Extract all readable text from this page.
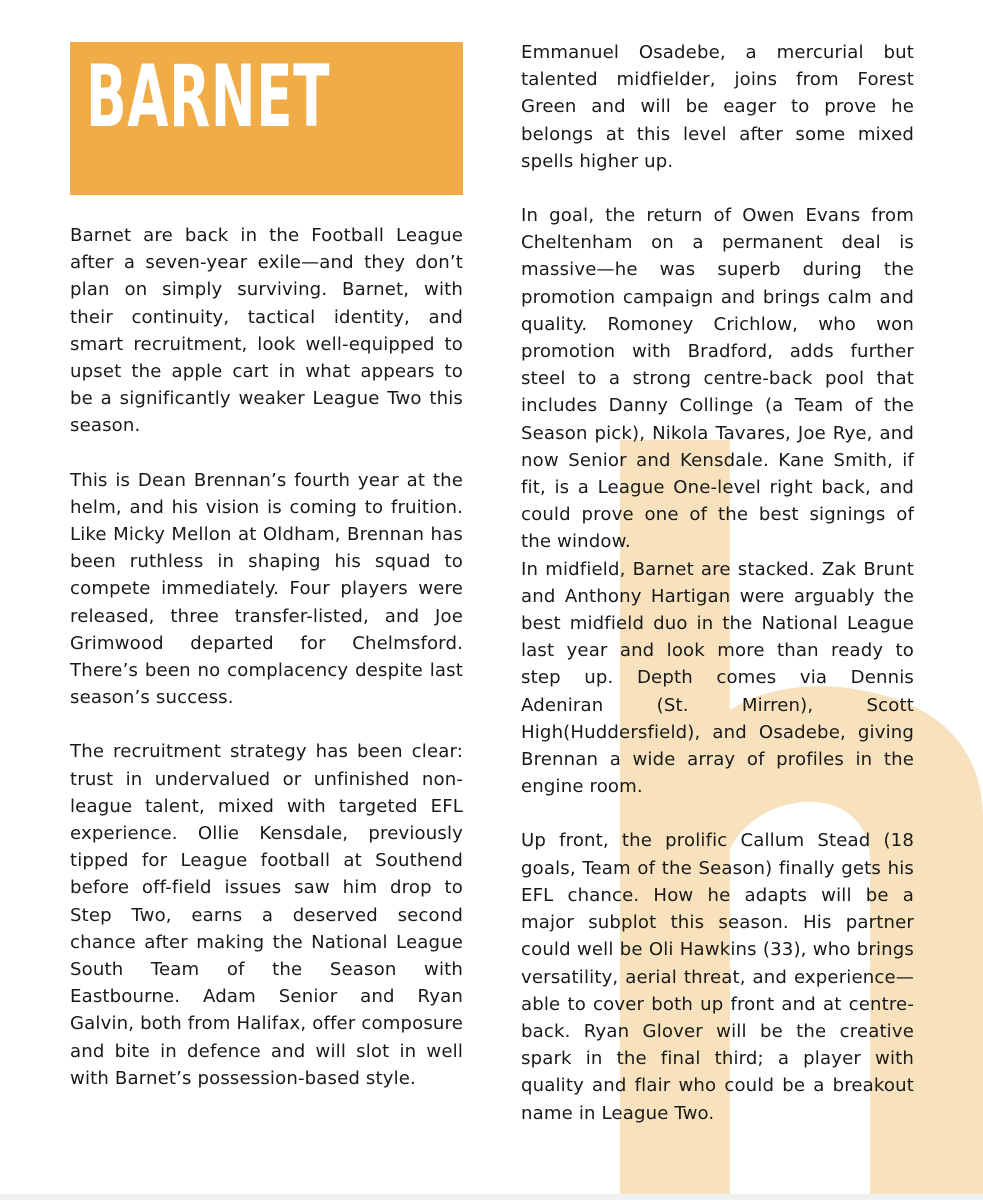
BARNET

Barnet are back in the Football League after a seven-year exile—and they don’t plan on simply surviving. Barnet, with their continuity, tactical identity, and smart recruitment, look well-equipped to upset the apple cart in what appears to be a significantly weaker League Two this season.

This is Dean Brennan’s fourth year at the helm, and his vision is coming to fruition. Like Micky Mellon at Oldham, Brennan has been ruthless in shaping his squad to compete immediately. Four players were released, three transfer-listed, and Joe Grimwood departed for Chelmsford. There’s been no complacency despite last season’s success.

The recruitment strategy has been clear: trust in undervalued or unfinished non-league talent, mixed with targeted EFL experience. Ollie Kensdale, previously tipped for League football at Southend before off-field issues saw him drop to Step Two, earns a deserved second chance after making the National League South Team of the Season with Eastbourne. Adam Senior and Ryan Galvin, both from Halifax, offer composure and bite in defence and will slot in well with Barnet’s possession-based style.

Emmanuel Osadebe, a mercurial but talented midfielder, joins from Forest Green and will be eager to prove he belongs at this level after some mixed spells higher up.

In goal, the return of Owen Evans from Cheltenham on a permanent deal is massive—he was superb during the promotion campaign and brings calm and quality. Romoney Crichlow, who won promotion with Bradford, adds further steel to a strong centre-back pool that includes Danny Collinge (a Team of the Season pick), Nikola Tavares, Joe Rye, and now Senior and Kensdale. Kane Smith, if fit, is a League One-level right back, and could prove one of the best signings of the window.

In midfield, Barnet are stacked. Zak Brunt and Anthony Hartigan were arguably the best midfield duo in the National League last year and look more than ready to step up. Depth comes via Dennis Adeniran (St. Mirren), Scott High(Huddersfield), and Osadebe, giving Brennan a wide array of profiles in the engine room.

Up front, the prolific Callum Stead (18 goals, Team of the Season) finally gets his EFL chance. How he adapts will be a major subplot this season. His partner could well be Oli Hawkins (33), who brings versatility, aerial threat, and experience—able to cover both up front and at centre-back. Ryan Glover will be the creative spark in the final third; a player with quality and flair who could be a breakout name in League Two.
